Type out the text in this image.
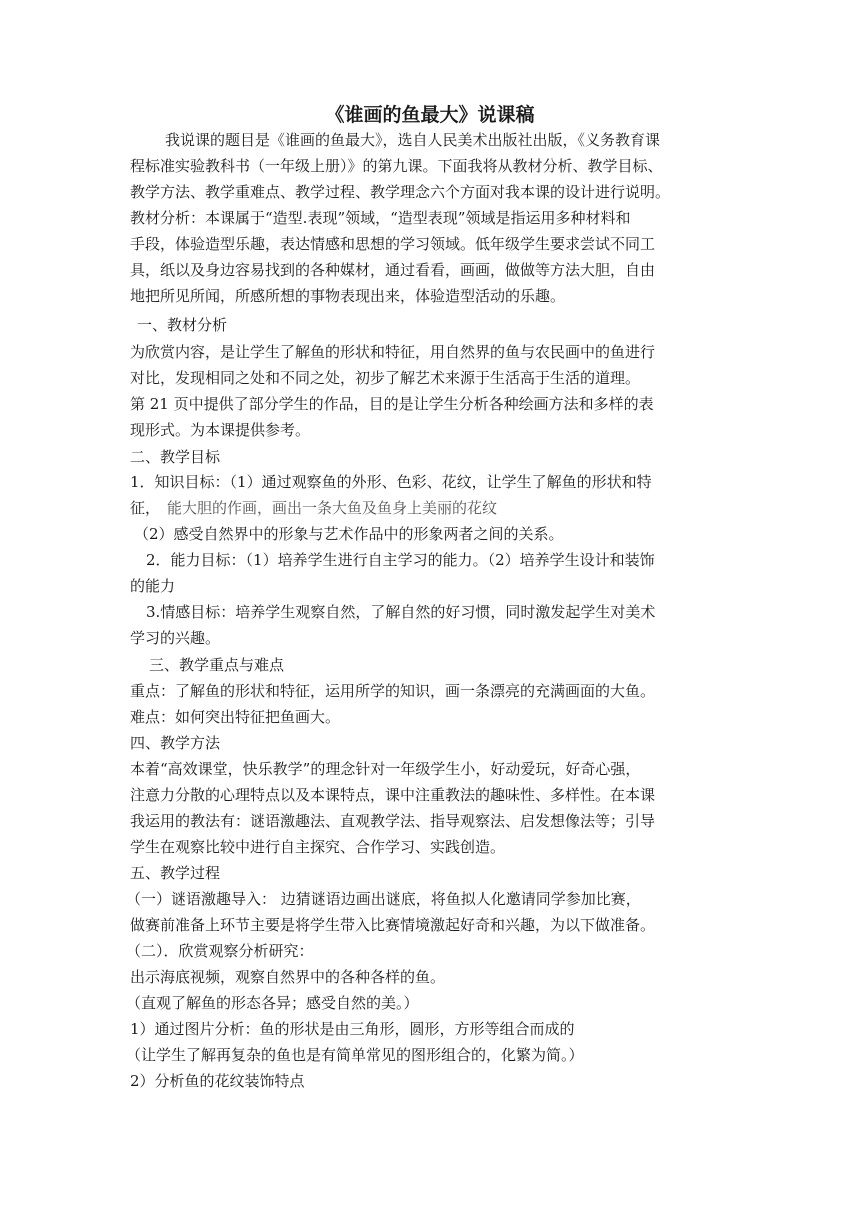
《谁画的鱼最大》说课稿
我说课的题目是《谁画的鱼最大》，选自人民美术出版社出版，《义务教育课
程标准实验教科书（一年级上册）》的第九课。下面我将从教材分析、教学目标、
教学方法、教学重难点、教学过程、教学理念六个方面对我本课的设计进行说明。
教材分析：本课属于“造型.表现”领域，“造型表现”领域是指运用多种材料和
手段，体验造型乐趣，表达情感和思想的学习领域。低年级学生要求尝试不同工
具，纸以及身边容易找到的各种媒材，通过看看，画画，做做等方法大胆，自由
地把所见所闻，所感所想的事物表现出来，体验造型活动的乐趣。
一、教材分析
为欣赏内容，是让学生了解鱼的形状和特征，用自然界的鱼与农民画中的鱼进行
对比，发现相同之处和不同之处，初步了解艺术来源于生活高于生活的道理。
第 21 页中提供了部分学生的作品，目的是让学生分析各种绘画方法和多样的表
现形式。为本课提供参考。
二、教学目标
1．知识目标：（1）通过观察鱼的外形、色彩、花纹，让学生了解鱼的形状和特
征， 能大胆的作画，画出一条大鱼及鱼身上美丽的花纹
（2）感受自然界中的形象与艺术作品中的形象两者之间的关系。
2．能力目标：（1）培养学生进行自主学习的能力。（2）培养学生设计和装饰
的能力
3.情感目标：培养学生观察自然，了解自然的好习惯，同时激发起学生对美术
学习的兴趣。
三、教学重点与难点
重点：了解鱼的形状和特征，运用所学的知识，画一条漂亮的充满画面的大鱼。
难点：如何突出特征把鱼画大。
四、教学方法
本着“高效课堂，快乐教学”的理念针对一年级学生小，好动爱玩，好奇心强，
注意力分散的心理特点以及本课特点，课中注重教法的趣味性、多样性。在本课
我运用的教法有：谜语激趣法、直观教学法、指导观察法、启发想像法等；引导
学生在观察比较中进行自主探究、合作学习、实践创造。
五、教学过程
（一）谜语激趣导入： 边猜谜语边画出谜底，将鱼拟人化邀请同学参加比赛，
做赛前准备上环节主要是将学生带入比赛情境激起好奇和兴趣，为以下做准备。
（二）．欣赏观察分析研究：
出示海底视频，观察自然界中的各种各样的鱼。
（直观了解鱼的形态各异；感受自然的美。）
1）通过图片分析：鱼的形状是由三角形，圆形，方形等组合而成的
（让学生了解再复杂的鱼也是有简单常见的图形组合的，化繁为简。）
2）分析鱼的花纹装饰特点
